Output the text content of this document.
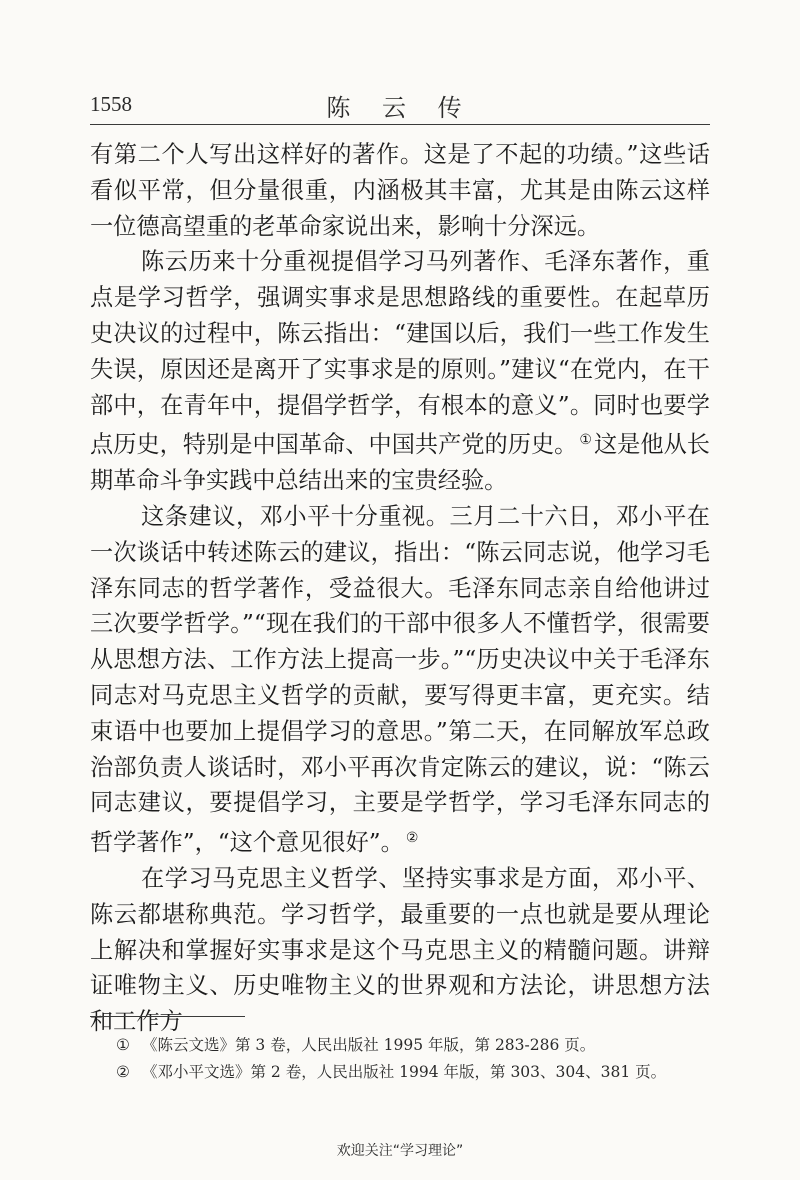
1558	陈 云 传

有第二个人写出这样好的著作。这是了不起的功绩。”这些话看似平常，但分量很重，内涵极其丰富，尤其是由陈云这样一位德高望重的老革命家说出来，影响十分深远。

陈云历来十分重视提倡学习马列著作、毛泽东著作，重点是学习哲学，强调实事求是思想路线的重要性。在起草历史决议的过程中，陈云指出：“建国以后，我们一些工作发生失误，原因还是离开了实事求是的原则。”建议“在党内，在干部中，在青年中，提倡学哲学，有根本的意义”。同时也要学点历史，特别是中国革命、中国共产党的历史。 ①这是他从长期革命斗争实践中总结出来的宝贵经验。

这条建议，邓小平十分重视。三月二十六日，邓小平在一次谈话中转述陈云的建议，指出：“陈云同志说，他学习毛泽东同志的哲学著作，受益很大。毛泽东同志亲自给他讲过三次要学哲学。”“现在我们的干部中很多人不懂哲学，很需要从思想方法、工作方法上提高一步。”“历史决议中关于毛泽东同志对马克思主义哲学的贡献，要写得更丰富，更充实。结束语中也要加上提倡学习的意思。”第二天，在同解放军总政治部负责人谈话时，邓小平再次肯定陈云的建议，说：“陈云同志建议，要提倡学习，主要是学哲学，学习毛泽东同志的哲学著作”，“这个意见很好”。 ②

在学习马克思主义哲学、坚持实事求是方面，邓小平、陈云都堪称典范。学习哲学，最重要的一点也就是要从理论上解决和掌握好实事求是这个马克思主义的精髓问题。讲辩证唯物主义、历史唯物主义的世界观和方法论，讲思想方法和工作方

① 《陈云文选》第 3 卷，人民出版社 1995 年版，第 283-286 页。
② 《邓小平文选》第 2 卷，人民出版社 1994 年版，第 303、304、381 页。
欢迎关注“学习理论”
